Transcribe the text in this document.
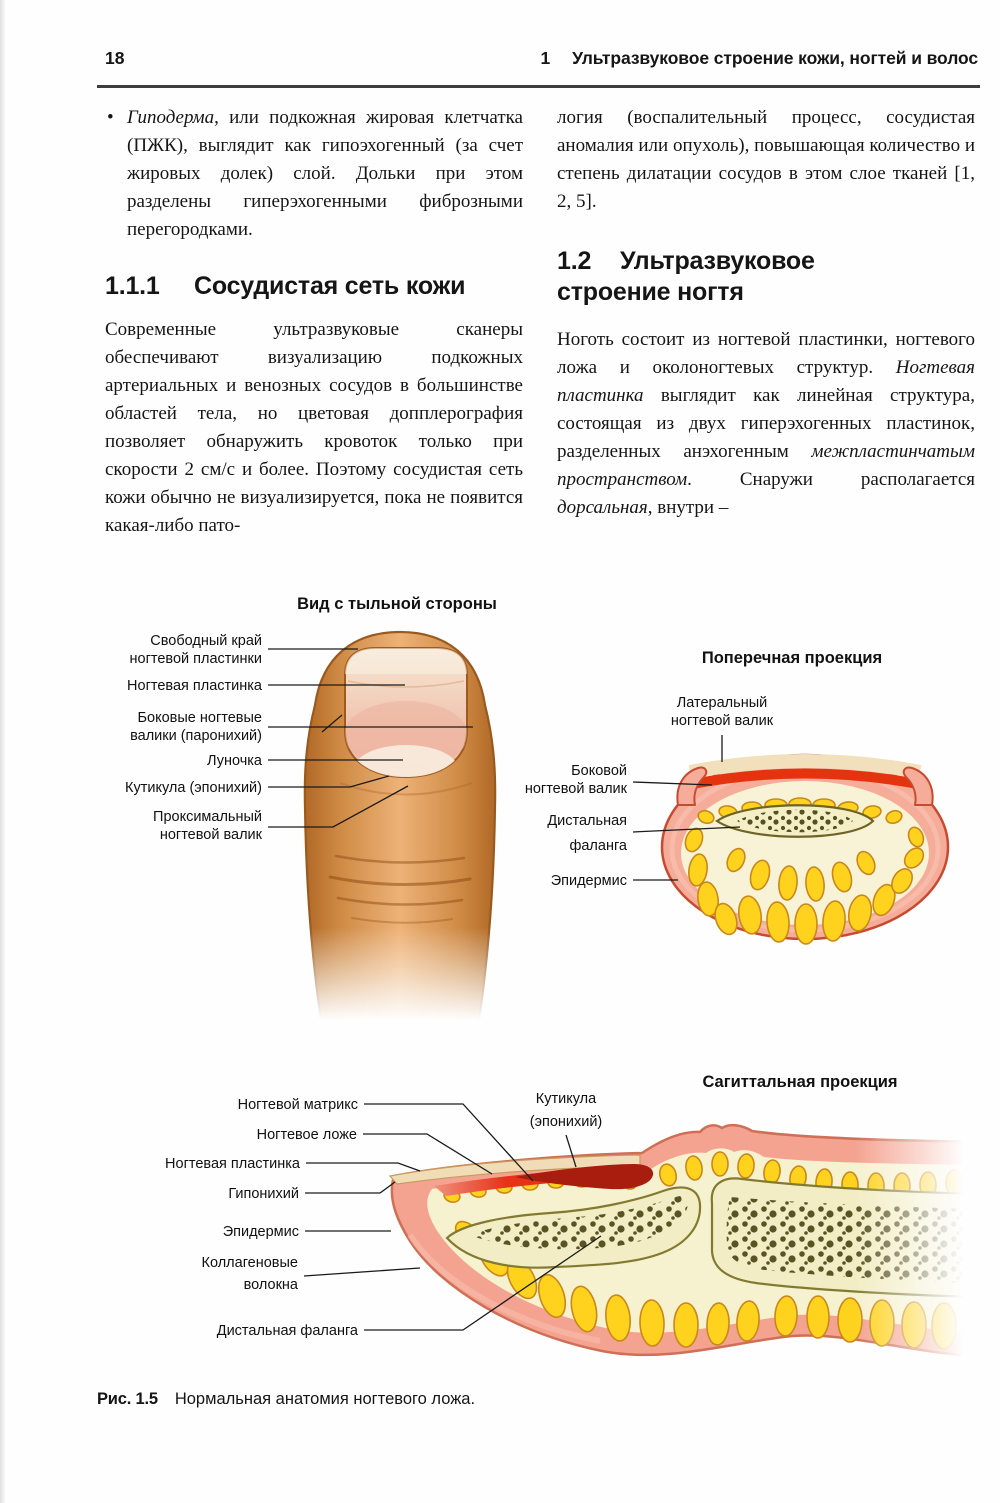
18	1 Ультразвуковое строение кожи, ногтей и волос
• Гиподерма, или подкожная жировая клетчатка (ПЖК), выглядит как гипоэхогенный (за счет жировых долек) слой. Дольки при этом разделены гиперэхогенными фиброзными перегородками.
1.1.1 Сосудистая сеть кожи
Современные ультразвуковые сканеры обеспечивают визуализацию подкожных артериальных и венозных сосудов в большинстве областей тела, но цветовая допплерография позволяет обнаружить кровоток только при скорости 2 см/с и более. Поэтому сосудистая сеть кожи обычно не визуализируется, пока не появится какая-либо пато-
логия (воспалительный процесс, сосудистая аномалия или опухоль), повышающая количество и степень дилатации сосудов в этом слое тканей [1, 2, 5].
1.2 Ультразвуковое
строение ногтя
Ноготь состоит из ногтевой пластинки, ногтевого ложа и околоногтевых структур. Ногтевая пластинка выглядит как линейная структура, состоящая из двух гиперэхогенных пластинок, разделенных анэхогенным межпластинчатым пространством. Снаружи располагается дорсальная, внутри –
Вид с тыльной стороны
Свободный край
ногтевой пластинки
Ногтевая пластинка
Боковые ногтевые
валики (паронихий)
Луночка
Кутикула (эпонихий)
Проксимальный
ногтевой валик
Поперечная проекция
Латеральный
ногтевой валик
Боковой
ногтевой валик
Дистальная
фаланга
Эпидермис
Сагиттальная проекция
Кутикула
(эпонихий)
Ногтевой матрикс
Ногтевое ложе
Ногтевая пластинка
Гипонихий
Эпидермис
Коллагеновые
волокна
Дистальная фаланга
Рис. 1.5 Нормальная анатомия ногтевого ложа.
